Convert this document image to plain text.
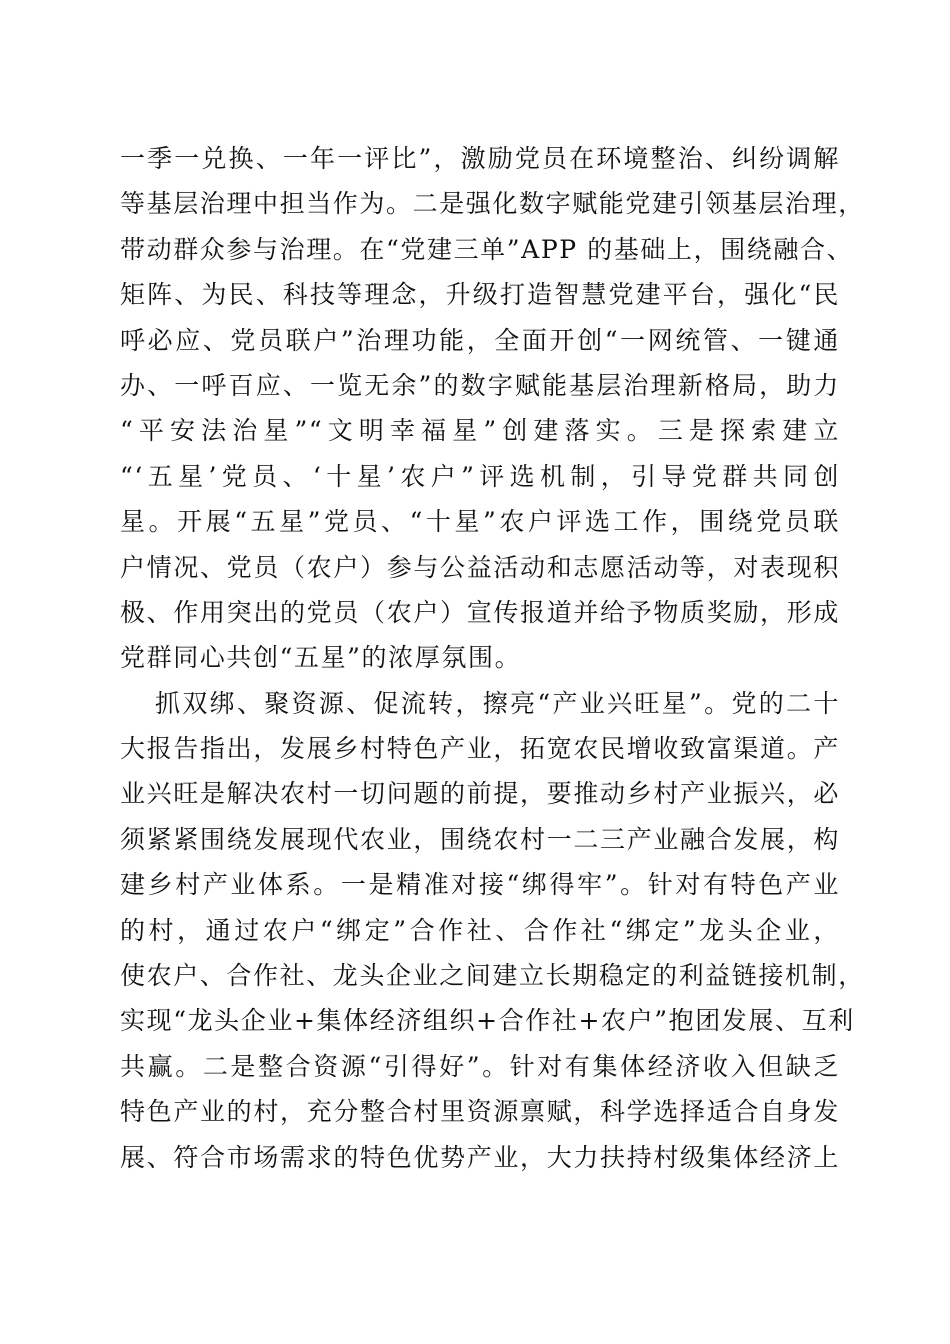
一季一兑换、一年一评比”，激励党员在环境整治、纠纷调解
等基层治理中担当作为。二是强化数字赋能党建引领基层治理，
带动群众参与治理。在“党建三单”APP 的基础上，围绕融合、
矩阵、为民、科技等理念，升级打造智慧党建平台，强化“民
呼必应、党员联户”治理功能，全面开创“一网统管、一键通
办、一呼百应、一览无余”的数字赋能基层治理新格局，助力
“平安法治星”“文明幸福星”创建落实。三是探索建立
“‘五星’党员、‘十星’农户”评选机制，引导党群共同创
星。开展“五星”党员、“十星”农户评选工作，围绕党员联
户情况、党员（农户）参与公益活动和志愿活动等，对表现积
极、作用突出的党员（农户）宣传报道并给予物质奖励，形成
党群同心共创“五星”的浓厚氛围。
抓双绑、聚资源、促流转，擦亮“产业兴旺星”。党的二十
大报告指出，发展乡村特色产业，拓宽农民增收致富渠道。产
业兴旺是解决农村一切问题的前提，要推动乡村产业振兴，必
须紧紧围绕发展现代农业，围绕农村一二三产业融合发展，构
建乡村产业体系。一是精准对接“绑得牢”。针对有特色产业
的村，通过农户“绑定”合作社、合作社“绑定”龙头企业，
使农户、合作社、龙头企业之间建立长期稳定的利益链接机制，
实现“龙头企业+集体经济组织+合作社+农户”抱团发展、互利
共赢。二是整合资源“引得好”。针对有集体经济收入但缺乏
特色产业的村，充分整合村里资源禀赋，科学选择适合自身发
展、符合市场需求的特色优势产业，大力扶持村级集体经济上
